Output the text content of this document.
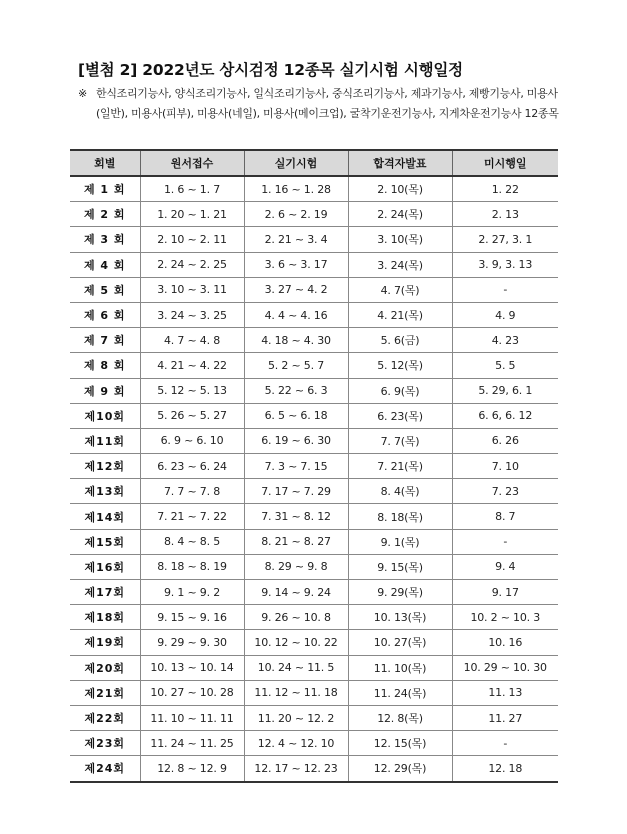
[별첨 2] 2022년도 상시검정 12종목 실기시험 시행일정
※ 한식조리기능사, 양식조리기능사, 일식조리기능사, 중식조리기능사, 제과기능사, 제빵기능사, 미용사(일반), 미용사(피부), 미용사(네일), 미용사(메이크업), 굴착기운전기능사, 지게차운전기능사 12종목
회별	원서접수	실기시험	합격자발표	미시행일
제 1 회	1. 6 ~ 1. 7	1. 16 ~ 1. 28	2. 10(목)	1. 22
제 2 회	1. 20 ~ 1. 21	2. 6 ~ 2. 19	2. 24(목)	2. 13
제 3 회	2. 10 ~ 2. 11	2. 21 ~ 3. 4	3. 10(목)	2. 27, 3. 1
제 4 회	2. 24 ~ 2. 25	3. 6 ~ 3. 17	3. 24(목)	3. 9, 3. 13
제 5 회	3. 10 ~ 3. 11	3. 27 ~ 4. 2	4. 7(목)	-
제 6 회	3. 24 ~ 3. 25	4. 4 ~ 4. 16	4. 21(목)	4. 9
제 7 회	4. 7 ~ 4. 8	4. 18 ~ 4. 30	5. 6(금)	4. 23
제 8 회	4. 21 ~ 4. 22	5. 2 ~ 5. 7	5. 12(목)	5. 5
제 9 회	5. 12 ~ 5. 13	5. 22 ~ 6. 3	6. 9(목)	5. 29, 6. 1
제10회	5. 26 ~ 5. 27	6. 5 ~ 6. 18	6. 23(목)	6. 6, 6. 12
제11회	6. 9 ~ 6. 10	6. 19 ~ 6. 30	7. 7(목)	6. 26
제12회	6. 23 ~ 6. 24	7. 3 ~ 7. 15	7. 21(목)	7. 10
제13회	7. 7 ~ 7. 8	7. 17 ~ 7. 29	8. 4(목)	7. 23
제14회	7. 21 ~ 7. 22	7. 31 ~ 8. 12	8. 18(목)	8. 7
제15회	8. 4 ~ 8. 5	8. 21 ~ 8. 27	9. 1(목)	-
제16회	8. 18 ~ 8. 19	8. 29 ~ 9. 8	9. 15(목)	9. 4
제17회	9. 1 ~ 9. 2	9. 14 ~ 9. 24	9. 29(목)	9. 17
제18회	9. 15 ~ 9. 16	9. 26 ~ 10. 8	10. 13(목)	10. 2 ~ 10. 3
제19회	9. 29 ~ 9. 30	10. 12 ~ 10. 22	10. 27(목)	10. 16
제20회	10. 13 ~ 10. 14	10. 24 ~ 11. 5	11. 10(목)	10. 29 ~ 10. 30
제21회	10. 27 ~ 10. 28	11. 12 ~ 11. 18	11. 24(목)	11. 13
제22회	11. 10 ~ 11. 11	11. 20 ~ 12. 2	12. 8(목)	11. 27
제23회	11. 24 ~ 11. 25	12. 4 ~ 12. 10	12. 15(목)	-
제24회	12. 8 ~ 12. 9	12. 17 ~ 12. 23	12. 29(목)	12. 18
